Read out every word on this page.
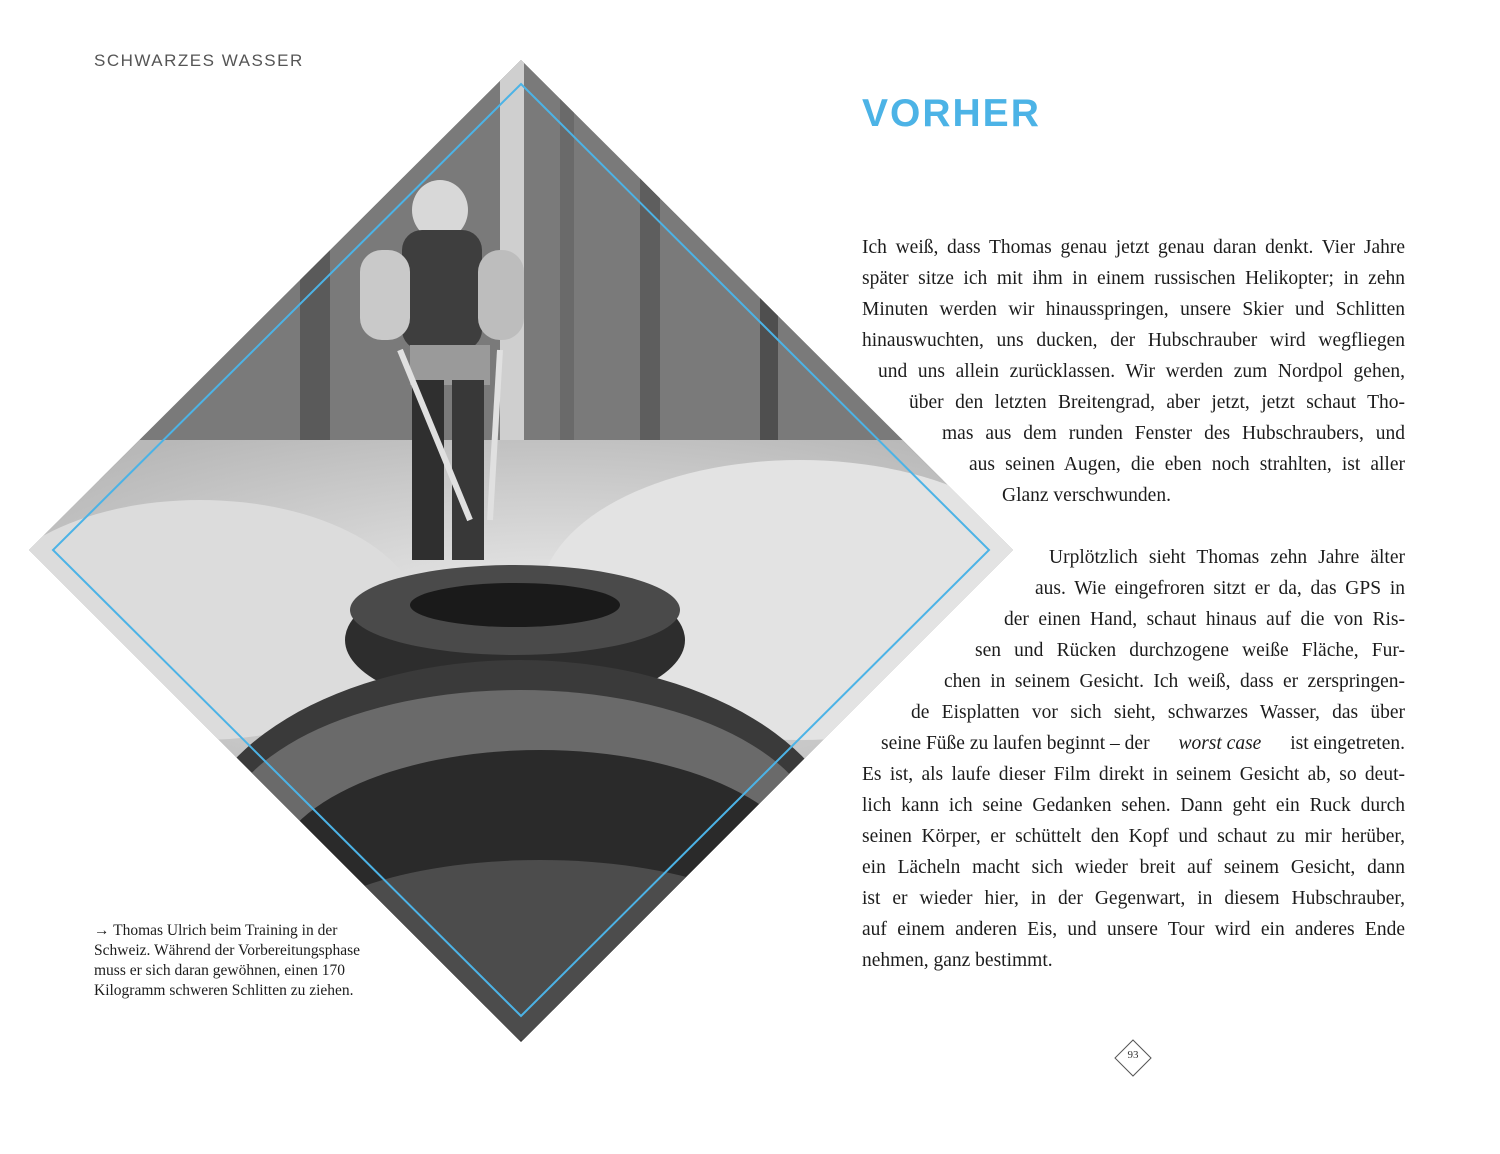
SCHWARZES WASSER
VORHER
Ich weiß, dass Thomas genau jetzt genau daran denkt. Vier Jahre
später sitze ich mit ihm in einem russischen Helikopter; in zehn
Minuten werden wir hinausspringen, unsere Skier und Schlitten
hinauswuchten, uns ducken, der Hubschrauber wird wegfliegen
und uns allein zurücklassen. Wir werden zum Nordpol gehen,
über den letzten Breitengrad, aber jetzt, jetzt schaut Tho-
mas aus dem runden Fenster des Hubschraubers, und
aus seinen Augen, die eben noch strahlten, ist aller
Glanz verschwunden.
Urplötzlich sieht Thomas zehn Jahre älter
aus. Wie eingefroren sitzt er da, das GPS in
der einen Hand, schaut hinaus auf die von Ris-
sen und Rücken durchzogene weiße Fläche, Fur-
chen in seinem Gesicht. Ich weiß, dass er zerspringen-
de Eisplatten vor sich sieht, schwarzes Wasser, das über
seine Füße zu laufen beginnt – der worst case ist eingetreten.
Es ist, als laufe dieser Film direkt in seinem Gesicht ab, so deut-
lich kann ich seine Gedanken sehen. Dann geht ein Ruck durch
seinen Körper, er schüttelt den Kopf und schaut zu mir herüber,
ein Lächeln macht sich wieder breit auf seinem Gesicht, dann
ist er wieder hier, in der Gegenwart, in diesem Hubschrauber,
auf einem anderen Eis, und unsere Tour wird ein anderes Ende
nehmen, ganz bestimmt.
→ Thomas Ulrich beim Training in der
Schweiz. Während der Vorbereitungsphase
muss er sich daran gewöhnen, einen 170
Kilogramm schweren Schlitten zu ziehen.
93
